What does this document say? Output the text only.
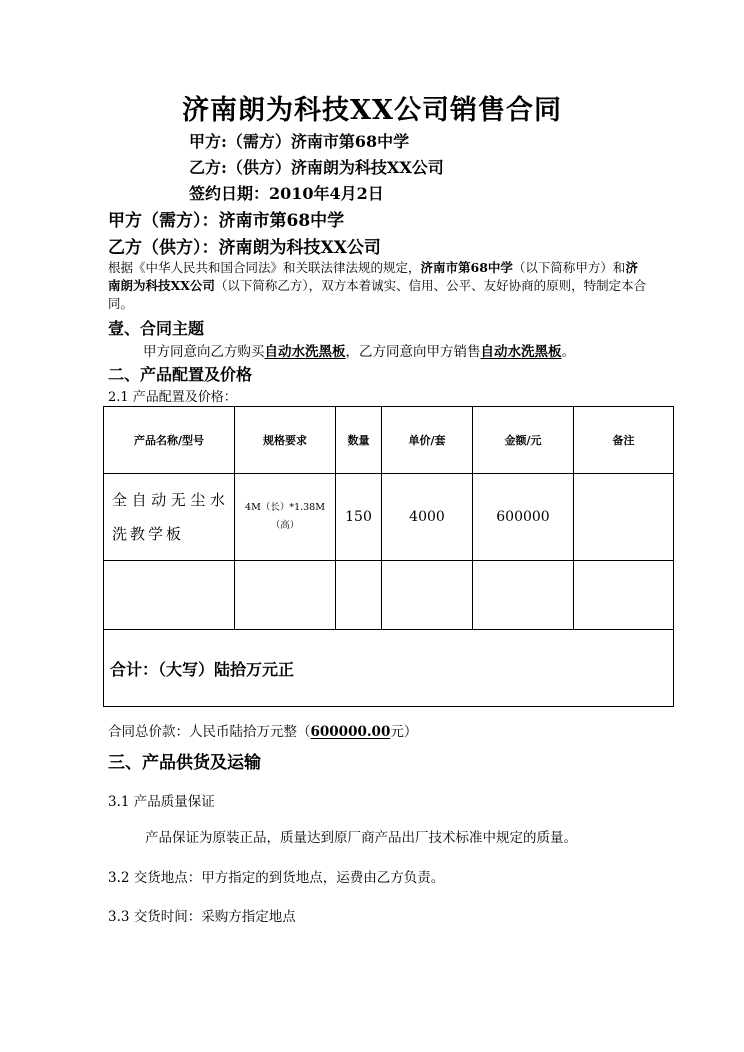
济南朗为科技XX公司销售合同
甲方:（需方）济南市第68中学
乙方:（供方）济南朗为科技XX公司
签约日期：2010年4月2日
甲方（需方）：济南市第68中学
乙方（供方）：济南朗为科技XX公司
根据《中华人民共和国合同法》和关联法律法规的规定，济南市第68中学（以下简称甲方）和济南朗为科技XX公司（以下简称乙方），双方本着诚实、信用、公平、友好协商的原则，特制定本合同。
壹、合同主题
甲方同意向乙方购买自动水洗黑板，乙方同意向甲方销售自动水洗黑板。
二、产品配置及价格
2.1 产品配置及价格：
产品名称/型号	规格要求	数量	单价/套	金额/元	备注
全自动无尘水洗教学板	4M（长）*1.38M（高）	150	4000	600000	

合计：（大写）陆拾万元正					
合同总价款：人民币陆拾万元整（600000.00元）
三、产品供货及运输
3.1 产品质量保证
产品保证为原装正品，质量达到原厂商产品出厂技术标准中规定的质量。
3.2 交货地点：甲方指定的到货地点，运费由乙方负责。
3.3 交货时间：采购方指定地点
